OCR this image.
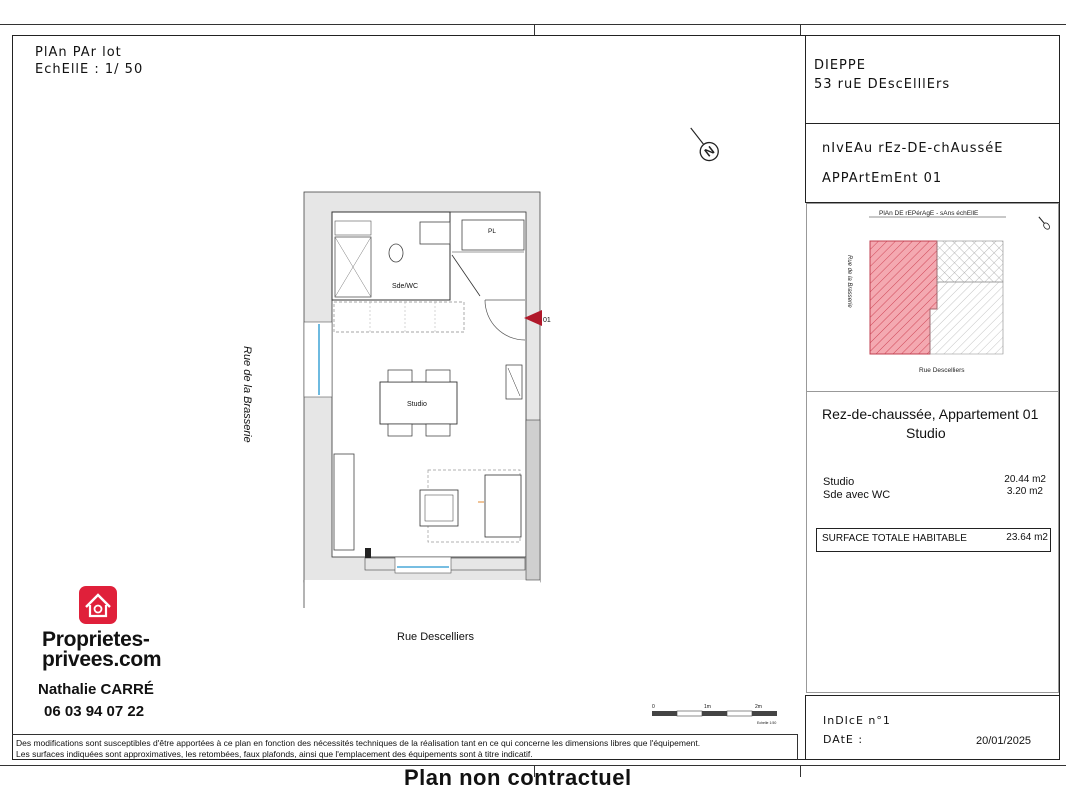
PlAn PAr lot
EchEllE : 1/ 50	DIEPPE
53 ruE DEscElllErs
nIvEAu rEz-DE-chAusséE
APPArtEmEnt 01
PlAn DE rEPérAgE - sAns échEllE
Rue de la Brasserie
Rue Descelliers
Rez-de-chaussée, Appartement 01
Studio
Studio	20.44 m2
Sde avec WC	3.20 m2
SURFACE TOTALE HABITABLE	23.64 m2
InDIcE n°1
DAtE :	20/01/2025
N
Sde/WC
PL
01
Studio
Rue de la Brasserie
Rue Descelliers
0	1m	2m
Echelle 1:50
Proprietes-
privees.com
Nathalie CARRÉ
06 03 94 07 22
Des modifications sont susceptibles d'être apportées à ce plan en fonction des nécessités techniques de la réalisation tant en ce qui concerne les dimensions libres que l'équipement.
Les surfaces indiquées sont approximatives, les retombées, faux plafonds, ainsi que l'emplacement des équipements sont à titre indicatif.
Plan non contractuel
